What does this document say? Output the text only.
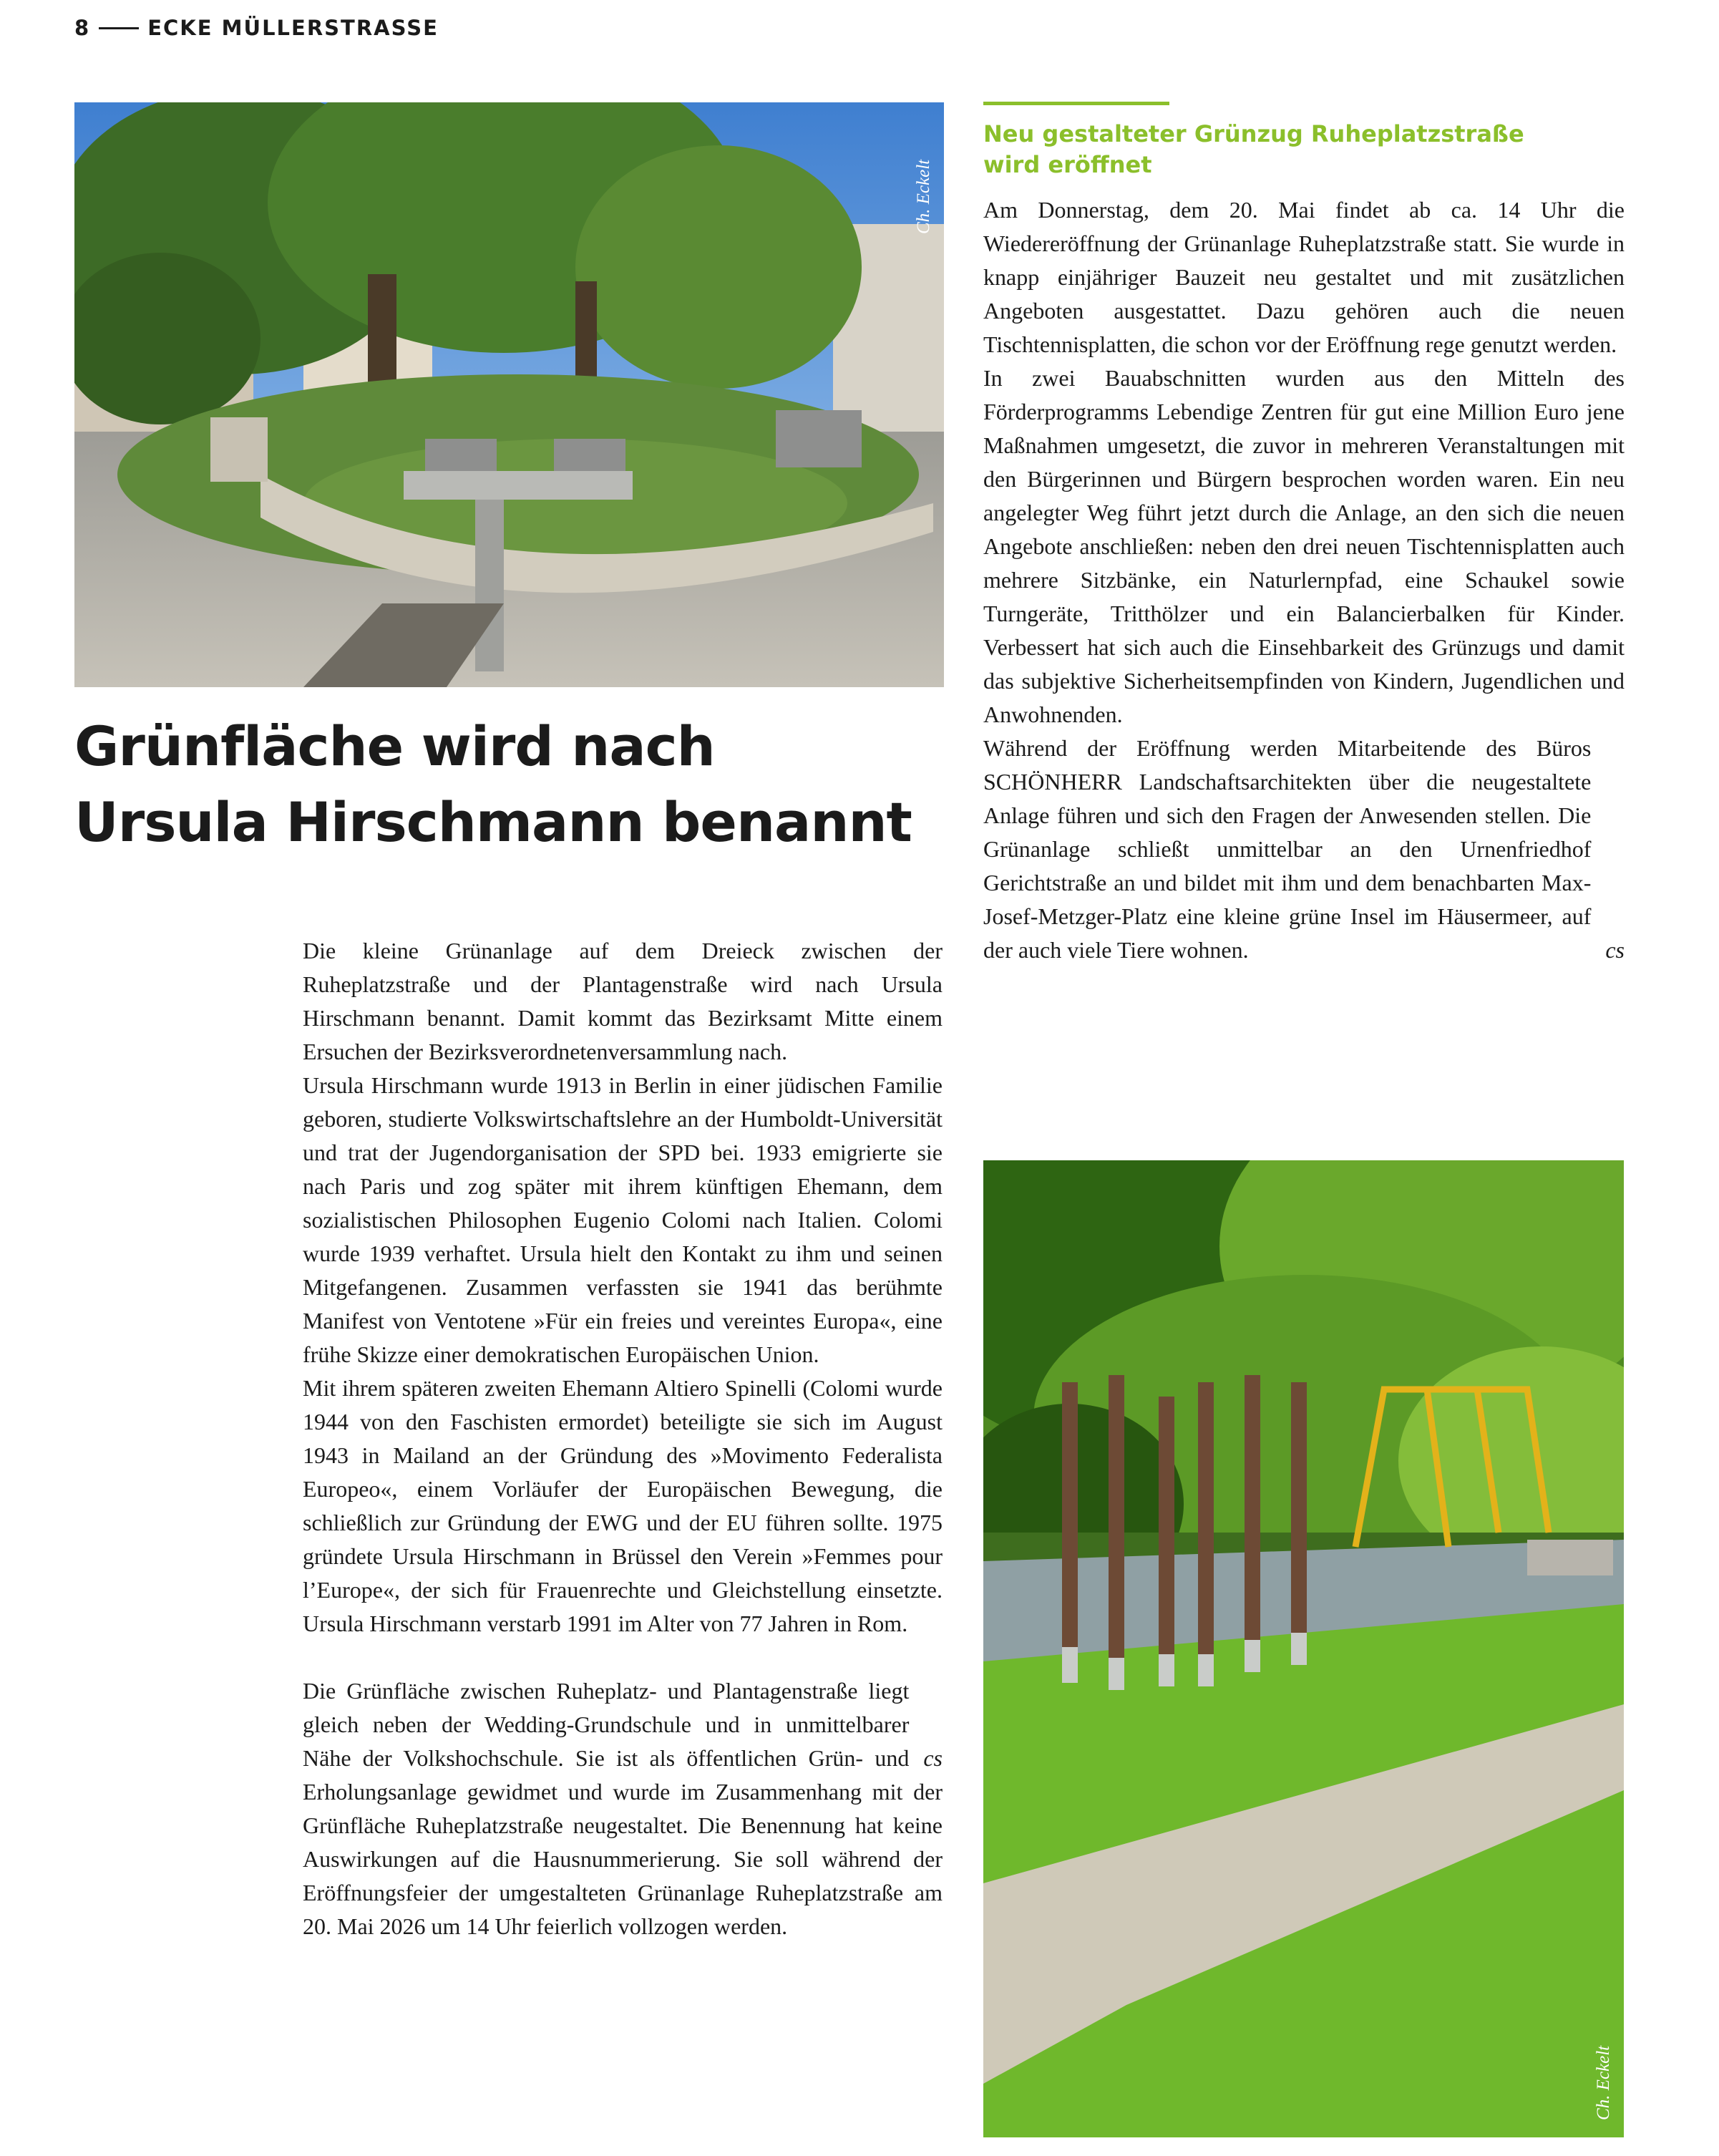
8	ECKE MÜLLERSTRASSE
Ch. Eckelt
Grünfläche wird nach
Ursula Hirschmann benannt

Die kleine Grünanlage auf dem Dreieck zwischen der Ruheplatzstraße und der Plantagenstraße wird nach Ursula Hirschmann benannt. Damit kommt das Bezirksamt Mitte einem Ersuchen der Bezirksverordnetenversammlung nach.

Ursula Hirschmann wurde 1913 in Berlin in einer jüdischen Familie geboren, studierte Volkswirtschaftslehre an der Humboldt-Universität und trat der Jugendorganisation der SPD bei. 1933 emigrierte sie nach Paris und zog später mit ihrem künftigen Ehemann, dem sozialistischen Philosophen Eugenio Colomi nach Italien. Colomi wurde 1939 verhaftet. Ursula hielt den Kontakt zu ihm und seinen Mitgefangenen. Zusammen verfassten sie 1941 das berühmte Manifest von Ventotene »Für ein freies und vereintes Europa«, eine frühe Skizze einer demokratischen Europäischen Union.

Mit ihrem späteren zweiten Ehemann Altiero Spinelli (Colomi wurde 1944 von den Faschisten ermordet) beteiligte sie sich im August 1943 in Mailand an der Gründung des »Movimento Federalista Europeo«, einem Vorläufer der Europäischen Bewegung, die schließlich zur Gründung der EWG und der EU führen sollte. 1975 gründete Ursula Hirschmann in Brüssel den Verein »Femmes pour l’Europe«, der sich für Frauenrechte und Gleichstellung einsetzte. Ursula Hirschmann verstarb 1991 im Alter von 77 Jahren in Rom.

cs
Die Grünfläche zwischen Ruheplatz- und Plantagenstraße liegt gleich neben der Wedding-Grundschule und in unmittelbarer Nähe der Volkshochschule. Sie ist als öffentlichen Grün- und Erholungsanlage gewidmet und wurde im Zusammenhang mit der Grünfläche Ruheplatzstraße neugestaltet. Die Benennung hat keine Auswirkungen auf die Hausnummerierung. Sie soll während der Eröffnungsfeier der umgestalteten Grünanlage Ruheplatzstraße am 20. Mai 2026 um 14 Uhr feierlich vollzogen werden.

Neu gestalteter Grünzug Ruheplatzstraße
wird eröffnet

Am Donnerstag, dem 20. Mai findet ab ca. 14 Uhr die Wiedereröffnung der Grünanlage Ruheplatzstraße statt. Sie wurde in knapp einjähriger Bauzeit neu gestaltet und mit zusätzlichen Angeboten ausgestattet. Dazu gehören auch die neuen Tischtennisplatten, die schon vor der Eröffnung rege genutzt werden.

In zwei Bauabschnitten wurden aus den Mitteln des Förderprogramms Lebendige Zentren für gut eine Million Euro jene Maßnahmen umgesetzt, die zuvor in mehreren Veranstaltungen mit den Bürgerinnen und Bürgern besprochen worden waren. Ein neu angelegter Weg führt jetzt durch die Anlage, an den sich die neuen Angebote anschließen: neben den drei neuen Tischtennisplatten auch mehrere Sitzbänke, ein Naturlernpfad, eine Schaukel sowie Turngeräte, Tritthölzer und ein Balancierbalken für Kinder. Verbessert hat sich auch die Einsehbarkeit des Grünzugs und damit das subjektive Sicherheitsempfinden von Kindern, Jugendlichen und Anwohnenden.

cs
Während der Eröffnung werden Mitarbeitende des Büros SCHÖNHERR Landschaftsarchitekten über die neugestaltete Anlage führen und sich den Fragen der Anwesenden stellen. Die Grünanlage schließt unmittelbar an den Urnenfriedhof Gerichtstraße an und bildet mit ihm und dem benachbarten Max-Josef-Metzger-Platz eine kleine grüne Insel im Häusermeer, auf der auch viele Tiere wohnen.

Ch. Eckelt
